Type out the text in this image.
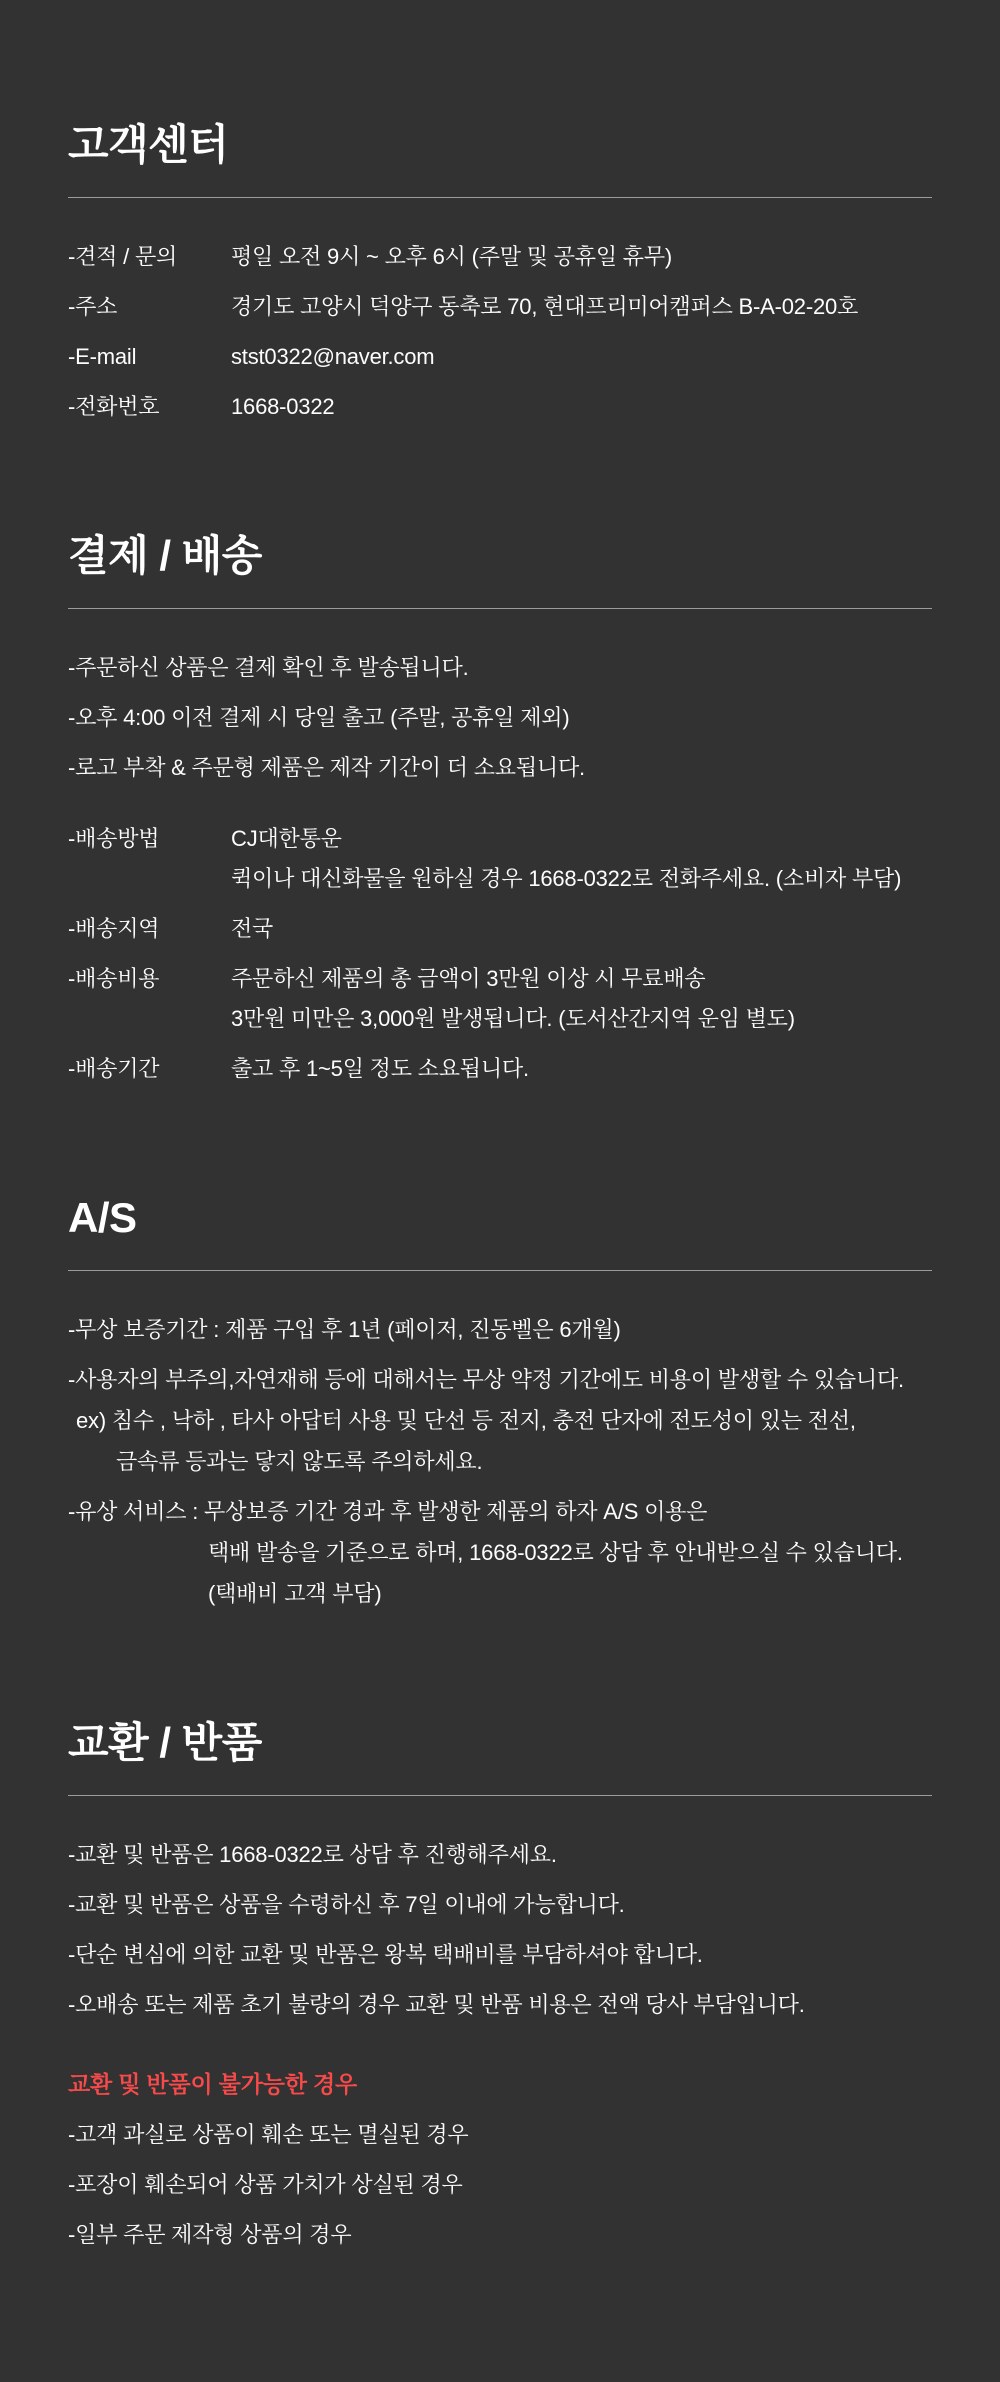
고객센터
-견적 / 문의	평일 오전 9시 ~ 오후 6시 (주말 및 공휴일 휴무)
-주소	경기도 고양시 덕양구 동축로 70, 현대프리미어캠퍼스 B-A-02-20호
-E-mail	stst0322@naver.com
-전화번호	1668-0322
결제 / 배송
-주문하신 상품은 결제 확인 후 발송됩니다.
-오후 4:00 이전 결제 시 당일 출고 (주말, 공휴일 제외)
-로고 부착 & 주문형 제품은 제작 기간이 더 소요됩니다.
-배송방법	CJ대한통운
퀵이나 대신화물을 원하실 경우 1668-0322로 전화주세요. (소비자 부담)
-배송지역	전국
-배송비용	주문하신 제품의 총 금액이 3만원 이상 시 무료배송
3만원 미만은 3,000원 발생됩니다. (도서산간지역 운임 별도)
-배송기간	출고 후 1~5일 정도 소요됩니다.
A/S
-무상 보증기간 : 제품 구입 후 1년 (페이저, 진동벨은 6개월)
-사용자의 부주의,자연재해 등에 대해서는 무상 약정 기간에도 비용이 발생할 수 있습니다.
ex) 침수 , 낙하 , 타사 아답터 사용 및 단선 등 전지, 충전 단자에 전도성이 있는 전선,
금속류 등과는 닿지 않도록 주의하세요.
-유상 서비스 : 무상보증 기간 경과 후 발생한 제품의 하자 A/S 이용은
택배 발송을 기준으로 하며, 1668-0322로 상담 후 안내받으실 수 있습니다.
(택배비 고객 부담)
교환 / 반품
-교환 및 반품은 1668-0322로 상담 후 진행해주세요.
-교환 및 반품은 상품을 수령하신 후 7일 이내에 가능합니다.
-단순 변심에 의한 교환 및 반품은 왕복 택배비를 부담하셔야 합니다.
-오배송 또는 제품 초기 불량의 경우 교환 및 반품 비용은 전액 당사 부담입니다.
교환 및 반품이 불가능한 경우
-고객 과실로 상품이 훼손 또는 멸실된 경우
-포장이 훼손되어 상품 가치가 상실된 경우
-일부 주문 제작형 상품의 경우
